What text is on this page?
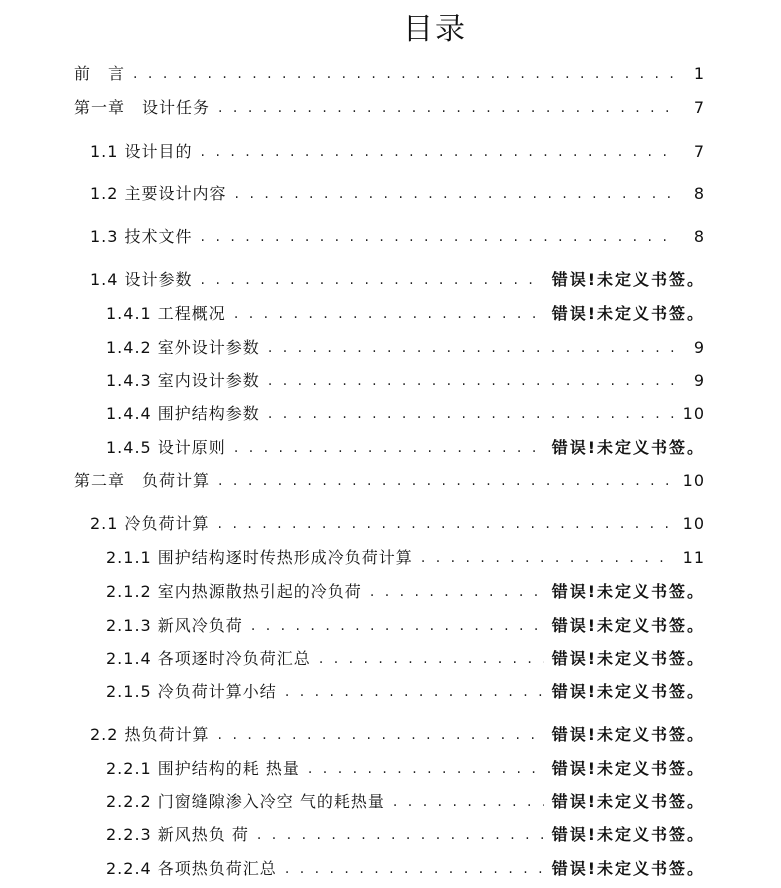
目录
前　言 . . .	1
第一章　设计任务 . . .	7
1.1 设计目的 . . .	7
1.2 主要设计内容 . . .	8
1.3 技术文件 . . .	8
1.4 设计参数 . . .	错误!未定义书签。
1.4.1 工程概况 . . .	错误!未定义书签。
1.4.2 室外设计参数 . . .	9
1.4.3 室内设计参数 . . .	9
1.4.4 围护结构参数 . . .	10
1.4.5 设计原则 . . .	错误!未定义书签。
第二章　负荷计算 . . .	10
2.1 冷负荷计算 . . .	10
2.1.1 围护结构逐时传热形成冷负荷计算 . . .	11
2.1.2 室内热源散热引起的冷负荷 . . .	错误!未定义书签。
2.1.3 新风冷负荷 . . .	错误!未定义书签。
2.1.4 各项逐时冷负荷汇总 . . .	错误!未定义书签。
2.1.5 冷负荷计算小结 . . .	错误!未定义书签。
2.2 热负荷计算 . . .	错误!未定义书签。
2.2.1 围护结构的耗 热量 . . .	错误!未定义书签。
2.2.2 门窗缝隙渗入冷空 气的耗热量 . . .	错误!未定义书签。
2.2.3 新风热负 荷 . . .	错误!未定义书签。
2.2.4 各项热负荷汇总 . . .	错误!未定义书签。
